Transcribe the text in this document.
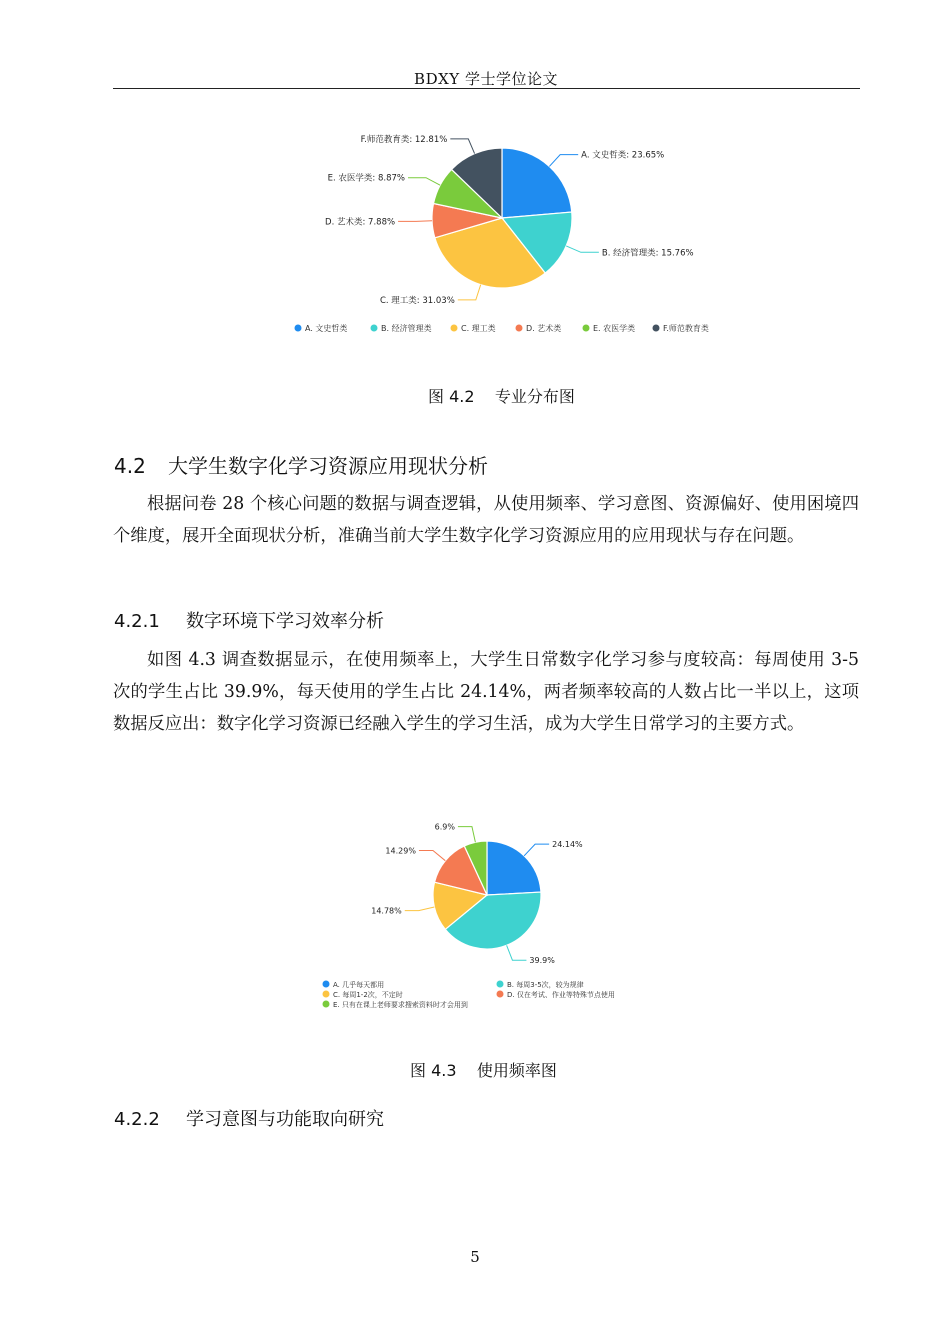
BDXY 学士学位论文
A. 文史哲类: 23.65%
B. 经济管理类: 15.76%
C. 理工类: 31.03%
D. 艺术类: 7.88%
E. 农医学类: 8.87%
F.师范教育类: 12.81%
A. 文史哲类	B. 经济管理类	C. 理工类	D. 艺术类	E. 农医学类	F.师范教育类
图 4.2 专业分布图
4.2 大学生数字化学习资源应用现状分析

根据问卷 28 个核心问题的数据与调查逻辑，从使用频率、学习意图、资源偏好、使用困境四个维度，展开全面现状分析，准确当前大学生数字化学习资源应用的应用现状与存在问题。

4.2.1 数字环境下学习效率分析

如图 4.3 调查数据显示，在使用频率上，大学生日常数字化学习参与度较高：每周使用 3-5 次的学生占比 39.9%，每天使用的学生占比 24.14%，两者频率较高的人数占比一半以上，这项数据反应出：数字化学习资源已经融入学生的学习生活，成为大学生日常学习的主要方式。

24.14%
39.9%
14.78%
14.29%
6.9%
A. 几乎每天都用	B. 每周3-5次，较为规律
C. 每周1-2次，不定时	D. 仅在考试、作业等特殊节点使用
E. 只有在课上老师要求搜索资料时才会用到
图 4.3 使用频率图
4.2.2 学习意图与功能取向研究
5
